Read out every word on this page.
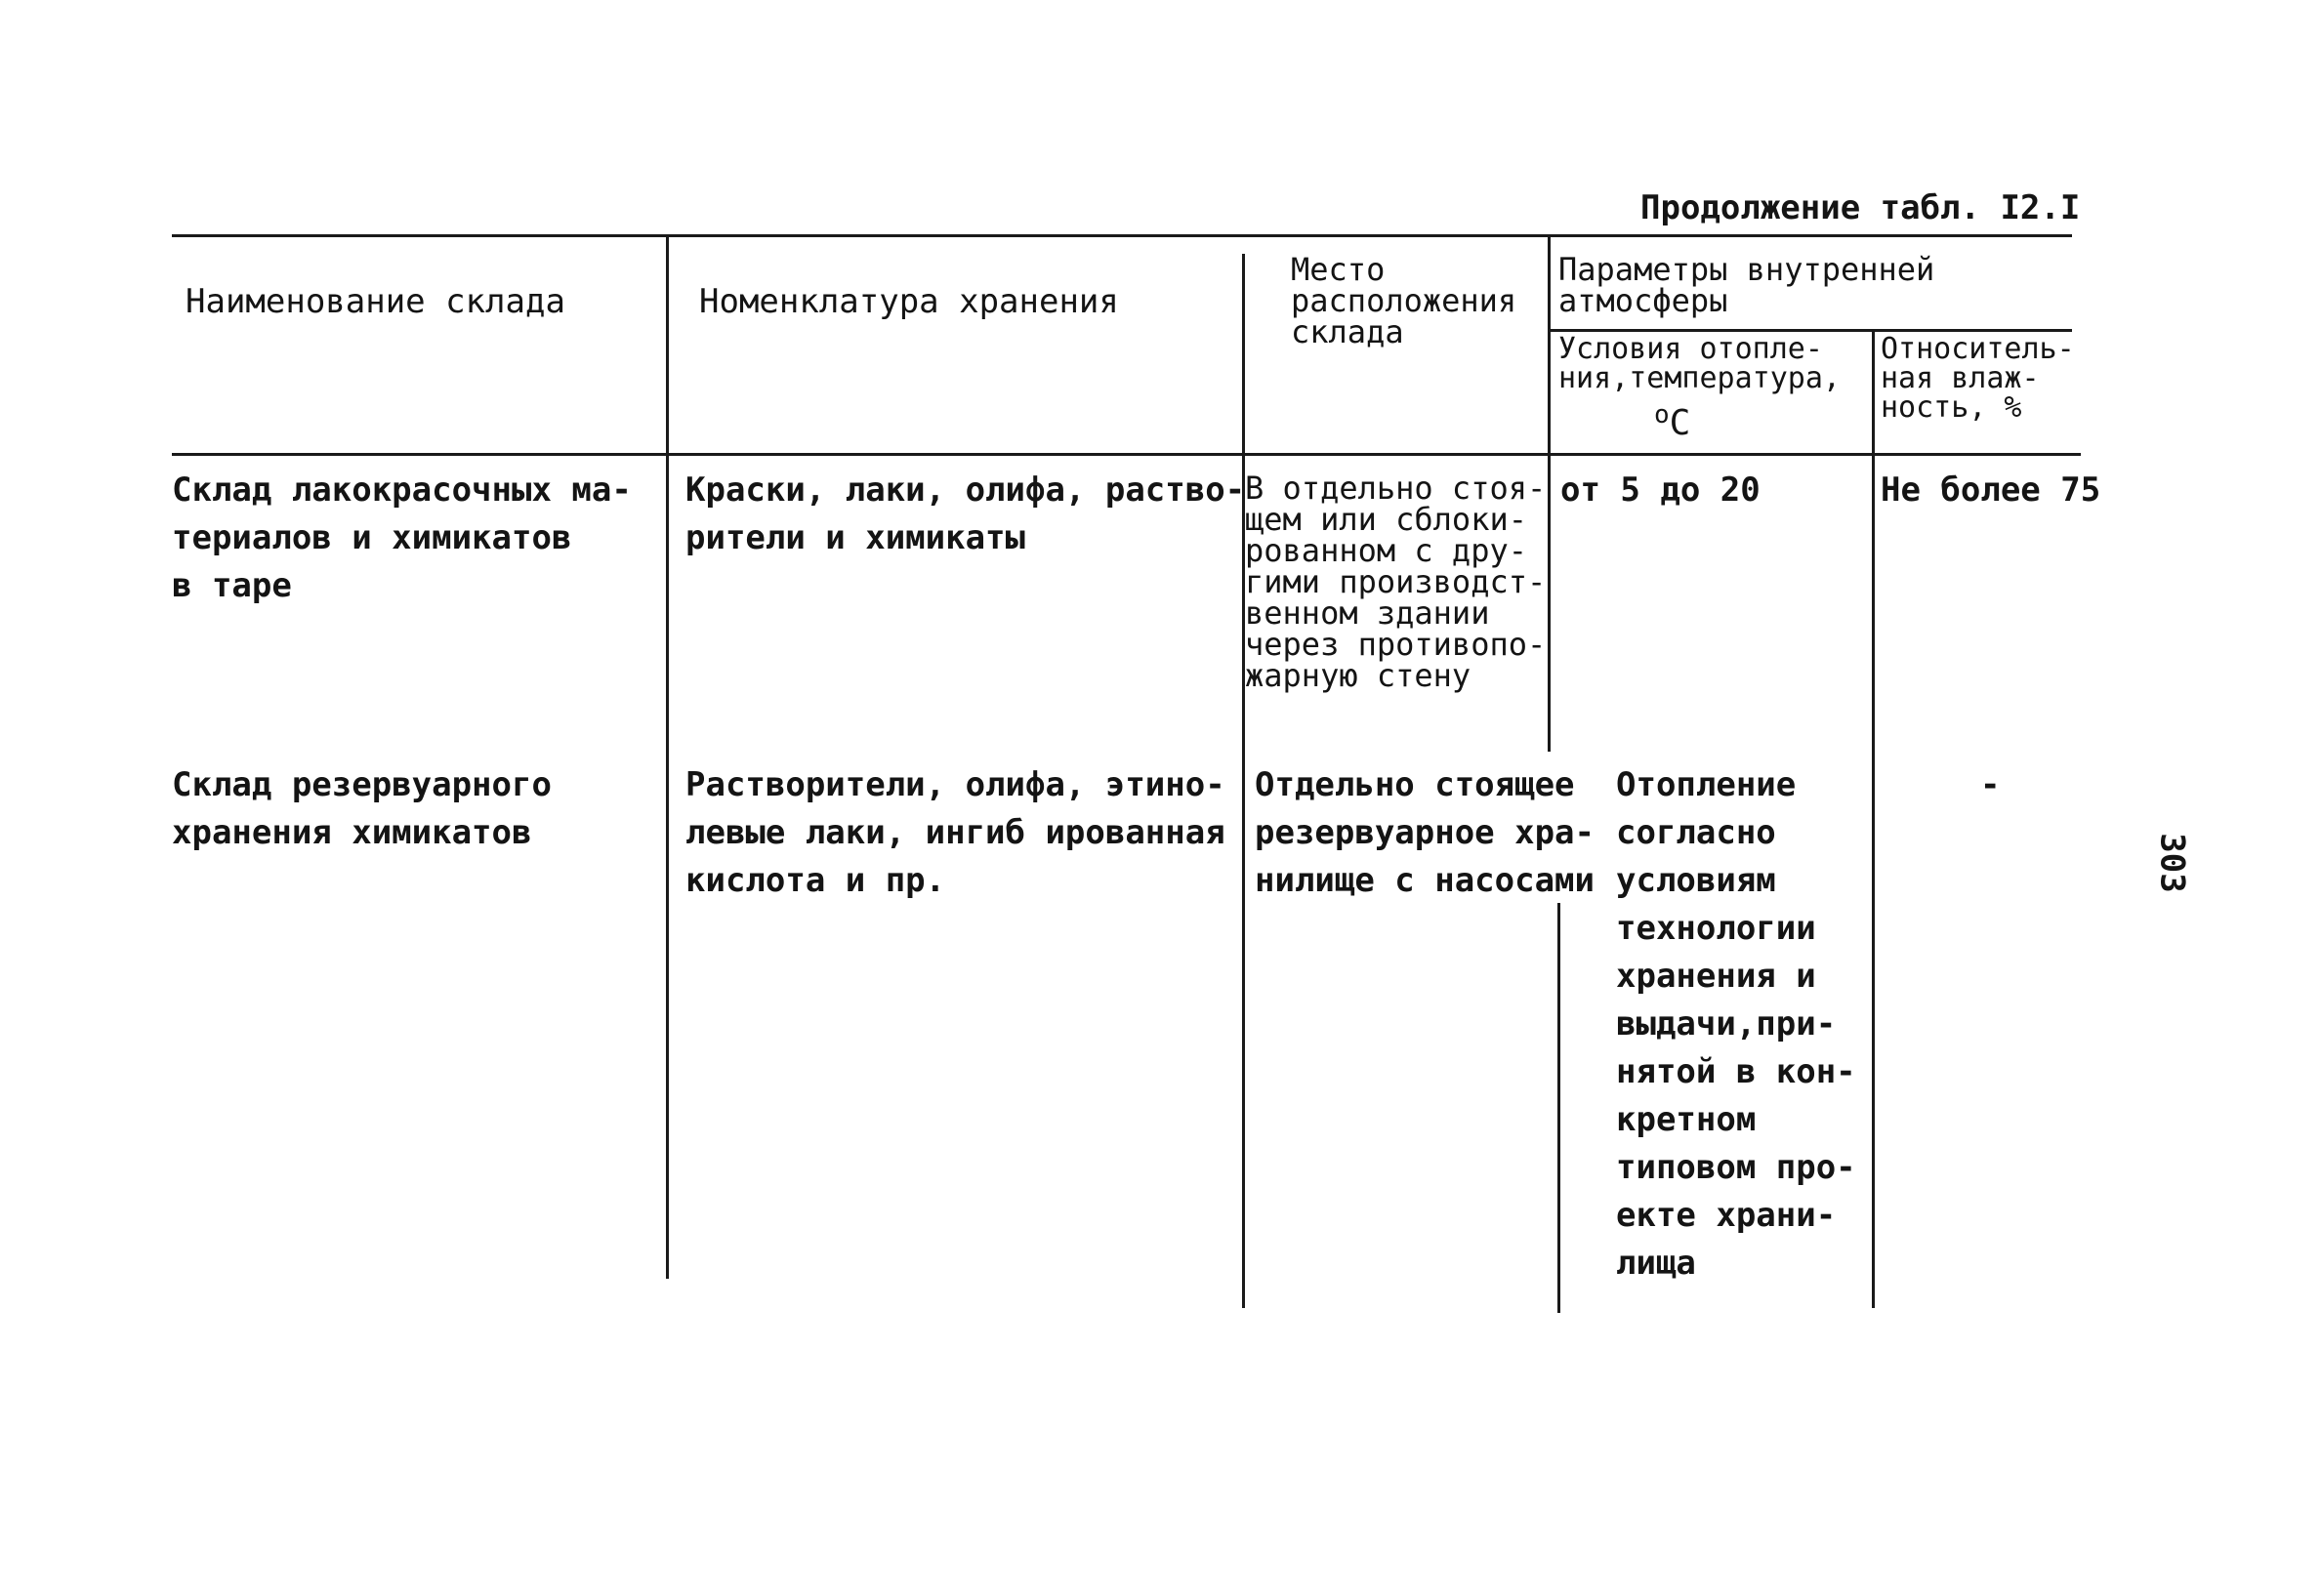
Продолжение табл. I2.I
Наименование склада	Номенклатура хранения
Место
расположения
склада
Параметры внутренней
атмосферы
Условия отопле-
ния,температура,
$^o$C
Относитель-
ная влаж-
ность, %
Склад лакокрасочных ма-
териалов и химикатов
в таре
Краски, лаки, олифа, раство-
рители и химикаты
В отдельно стоя-
щем или сблоки-
рованном с дру-
гими производст-
венном здании
через противопо-
жарную стену
от 5 до 20	Не более 75
Склад резервуарного
хранения химикатов
Растворители, олифа, этино-
левые лаки, ингиб ированная
кислота и пр.
Отдельно стоящее
резервуарное хра-
нилище с насосами
Отопление
согласно
условиям
технологии
хранения и
выдачи,при-
нятой в кон-
кретном
типовом про-
екте храни-
лища
-
303
